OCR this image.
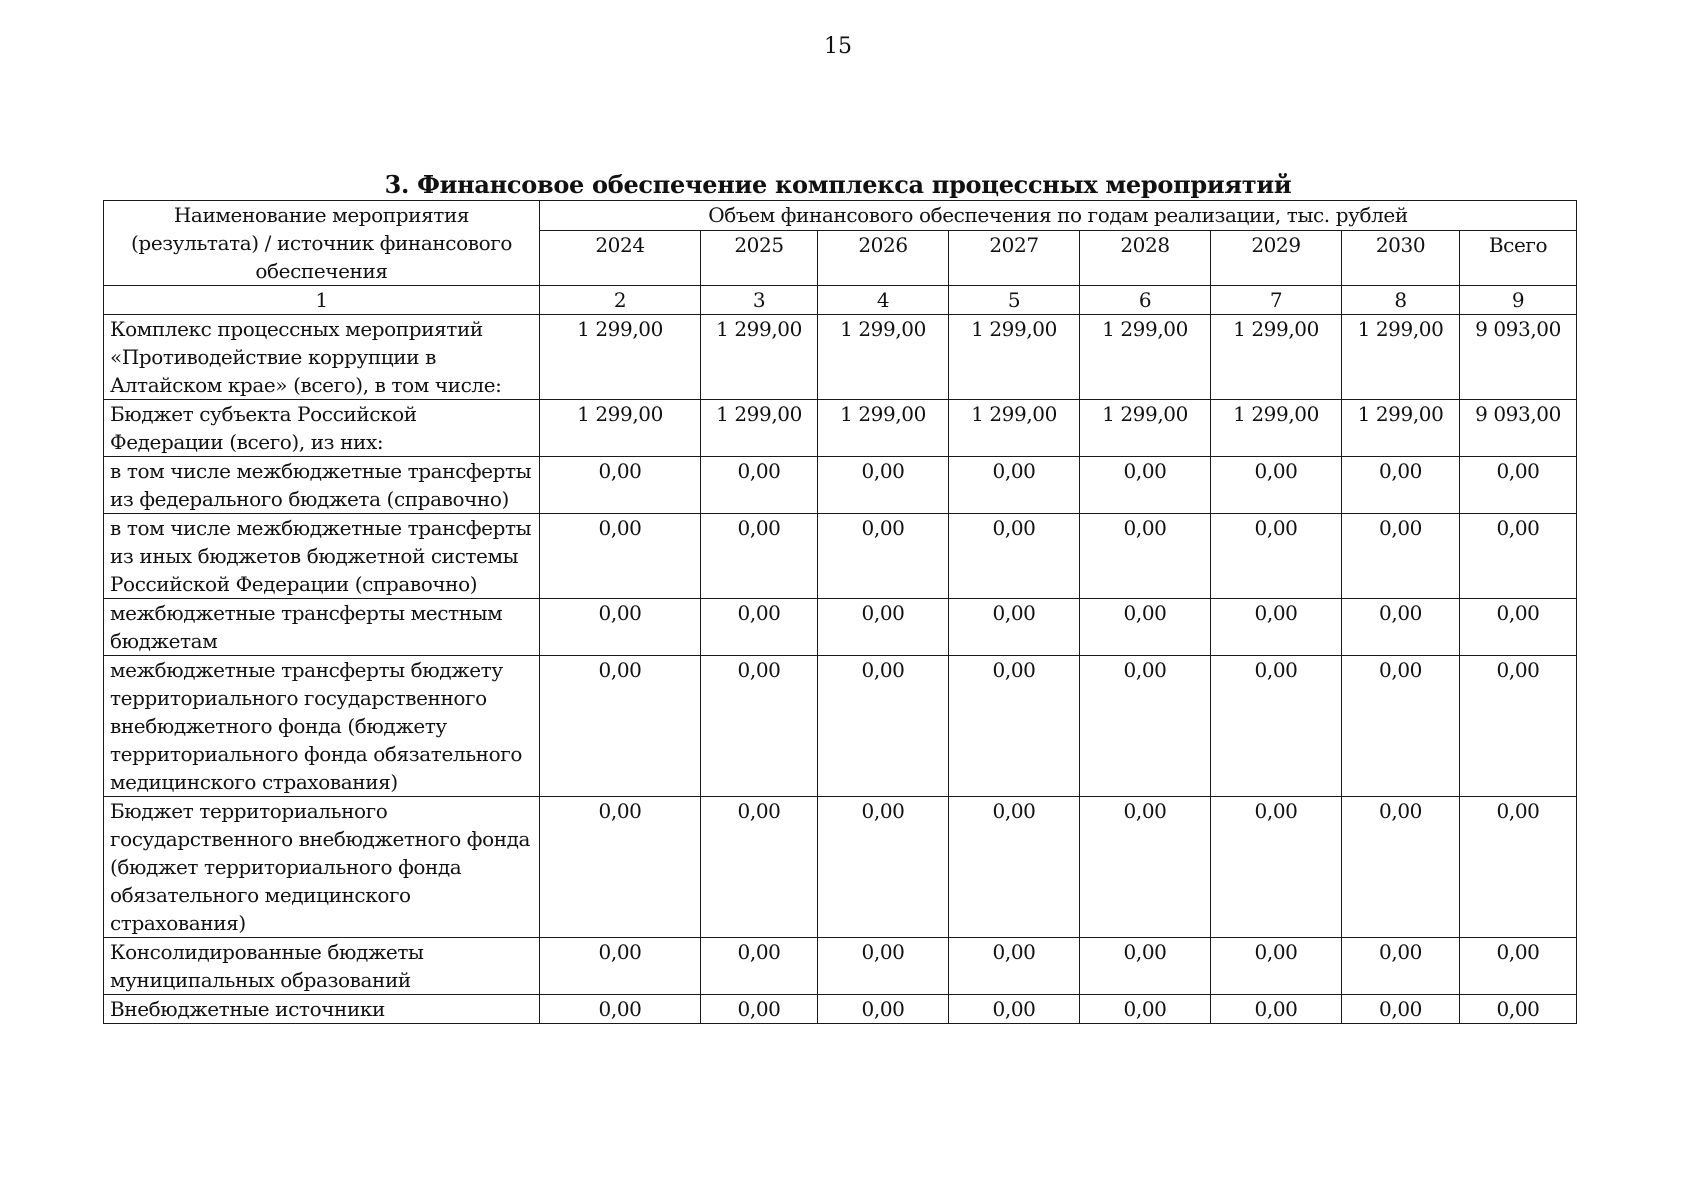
15
3. Финансовое обеспечение комплекса процессных мероприятий
Наименование мероприятия (результата) / источник финансового обеспечения	Объем финансового обеспечения по годам реализации, тыс. рублей							
	2024	2025	2026	2027	2028	2029	2030	Всего
1	2	3	4	5	6	7	8	9
Комплекс процессных мероприятий «Противодействие коррупции в Алтайском крае» (всего), в том числе:	1 299,00	1 299,00	1 299,00	1 299,00	1 299,00	1 299,00	1 299,00	9 093,00
Бюджет субъекта Российской Федерации (всего), из них:	1 299,00	1 299,00	1 299,00	1 299,00	1 299,00	1 299,00	1 299,00	9 093,00
в том числе межбюджетные трансферты из федерального бюджета (справочно)	0,00	0,00	0,00	0,00	0,00	0,00	0,00	0,00
в том числе межбюджетные трансферты из иных бюджетов бюджетной системы Российской Федерации (справочно)	0,00	0,00	0,00	0,00	0,00	0,00	0,00	0,00
межбюджетные трансферты местным бюджетам	0,00	0,00	0,00	0,00	0,00	0,00	0,00	0,00
межбюджетные трансферты бюджету территориального государственного внебюджетного фонда (бюджету территориального фонда обязательного медицинского страхования)	0,00	0,00	0,00	0,00	0,00	0,00	0,00	0,00
Бюджет территориального государственного внебюджетного фонда (бюджет территориального фонда обязательного медицинского страхования)	0,00	0,00	0,00	0,00	0,00	0,00	0,00	0,00
Консолидированные бюджеты муниципальных образований	0,00	0,00	0,00	0,00	0,00	0,00	0,00	0,00
Внебюджетные источники	0,00	0,00	0,00	0,00	0,00	0,00	0,00	0,00
